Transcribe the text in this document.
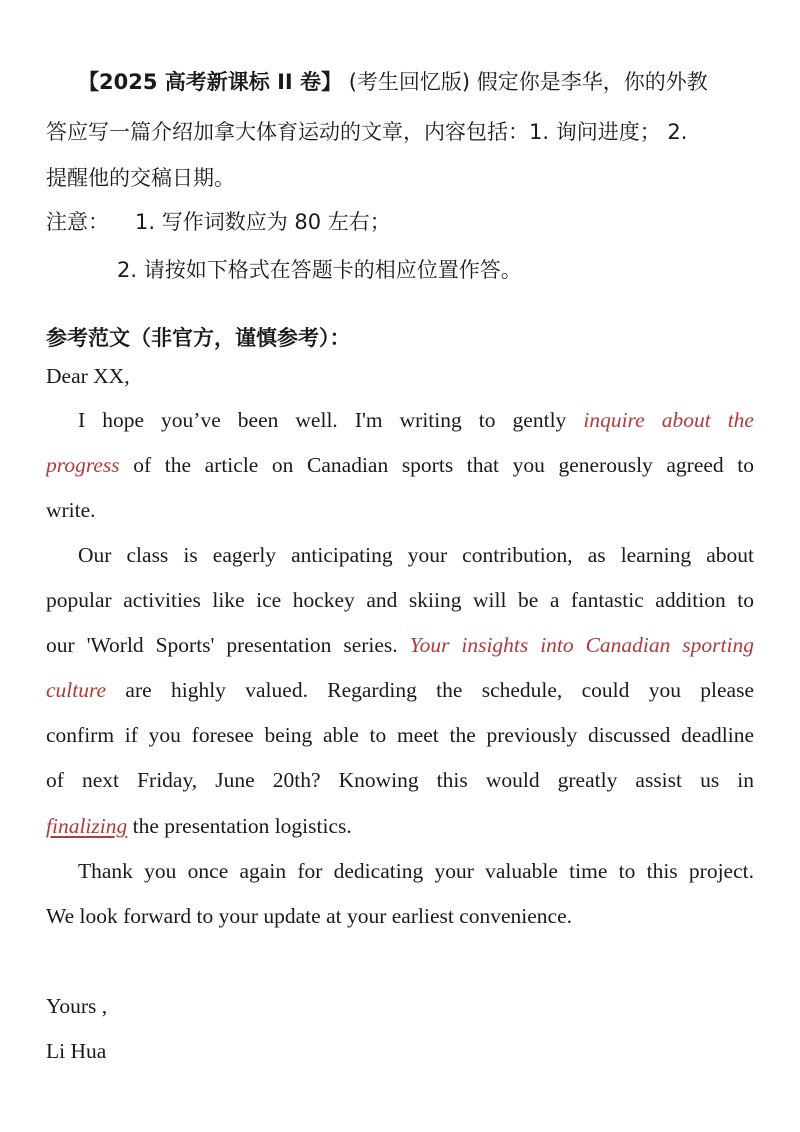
【2025 高考新课标 II 卷】 (考生回忆版) 假定你是李华，你的外教
答应写一篇介绍加拿大体育运动的文章，内容包括：1. 询问进度； 2.
提醒他的交稿日期。
注意： 1. 写作词数应为 80 左右；
2. 请按如下格式在答题卡的相应位置作答。
参考范文（非官方，谨慎参考）：
Dear XX,
I hope you’ve been well. I'm writing to gently inquire about the
progress of the article on Canadian sports that you generously agreed to
write.
Our class is eagerly anticipating your contribution, as learning about
popular activities like ice hockey and skiing will be a fantastic addition to
our 'World Sports' presentation series. Your insights into Canadian sporting
culture are highly valued. Regarding the schedule, could you please
confirm if you foresee being able to meet the previously discussed deadline
of next Friday, June 20th? Knowing this would greatly assist us in
finalizing the presentation logistics.
Thank you once again for dedicating your valuable time to this project.
We look forward to your update at your earliest convenience.
Yours ,
Li Hua
